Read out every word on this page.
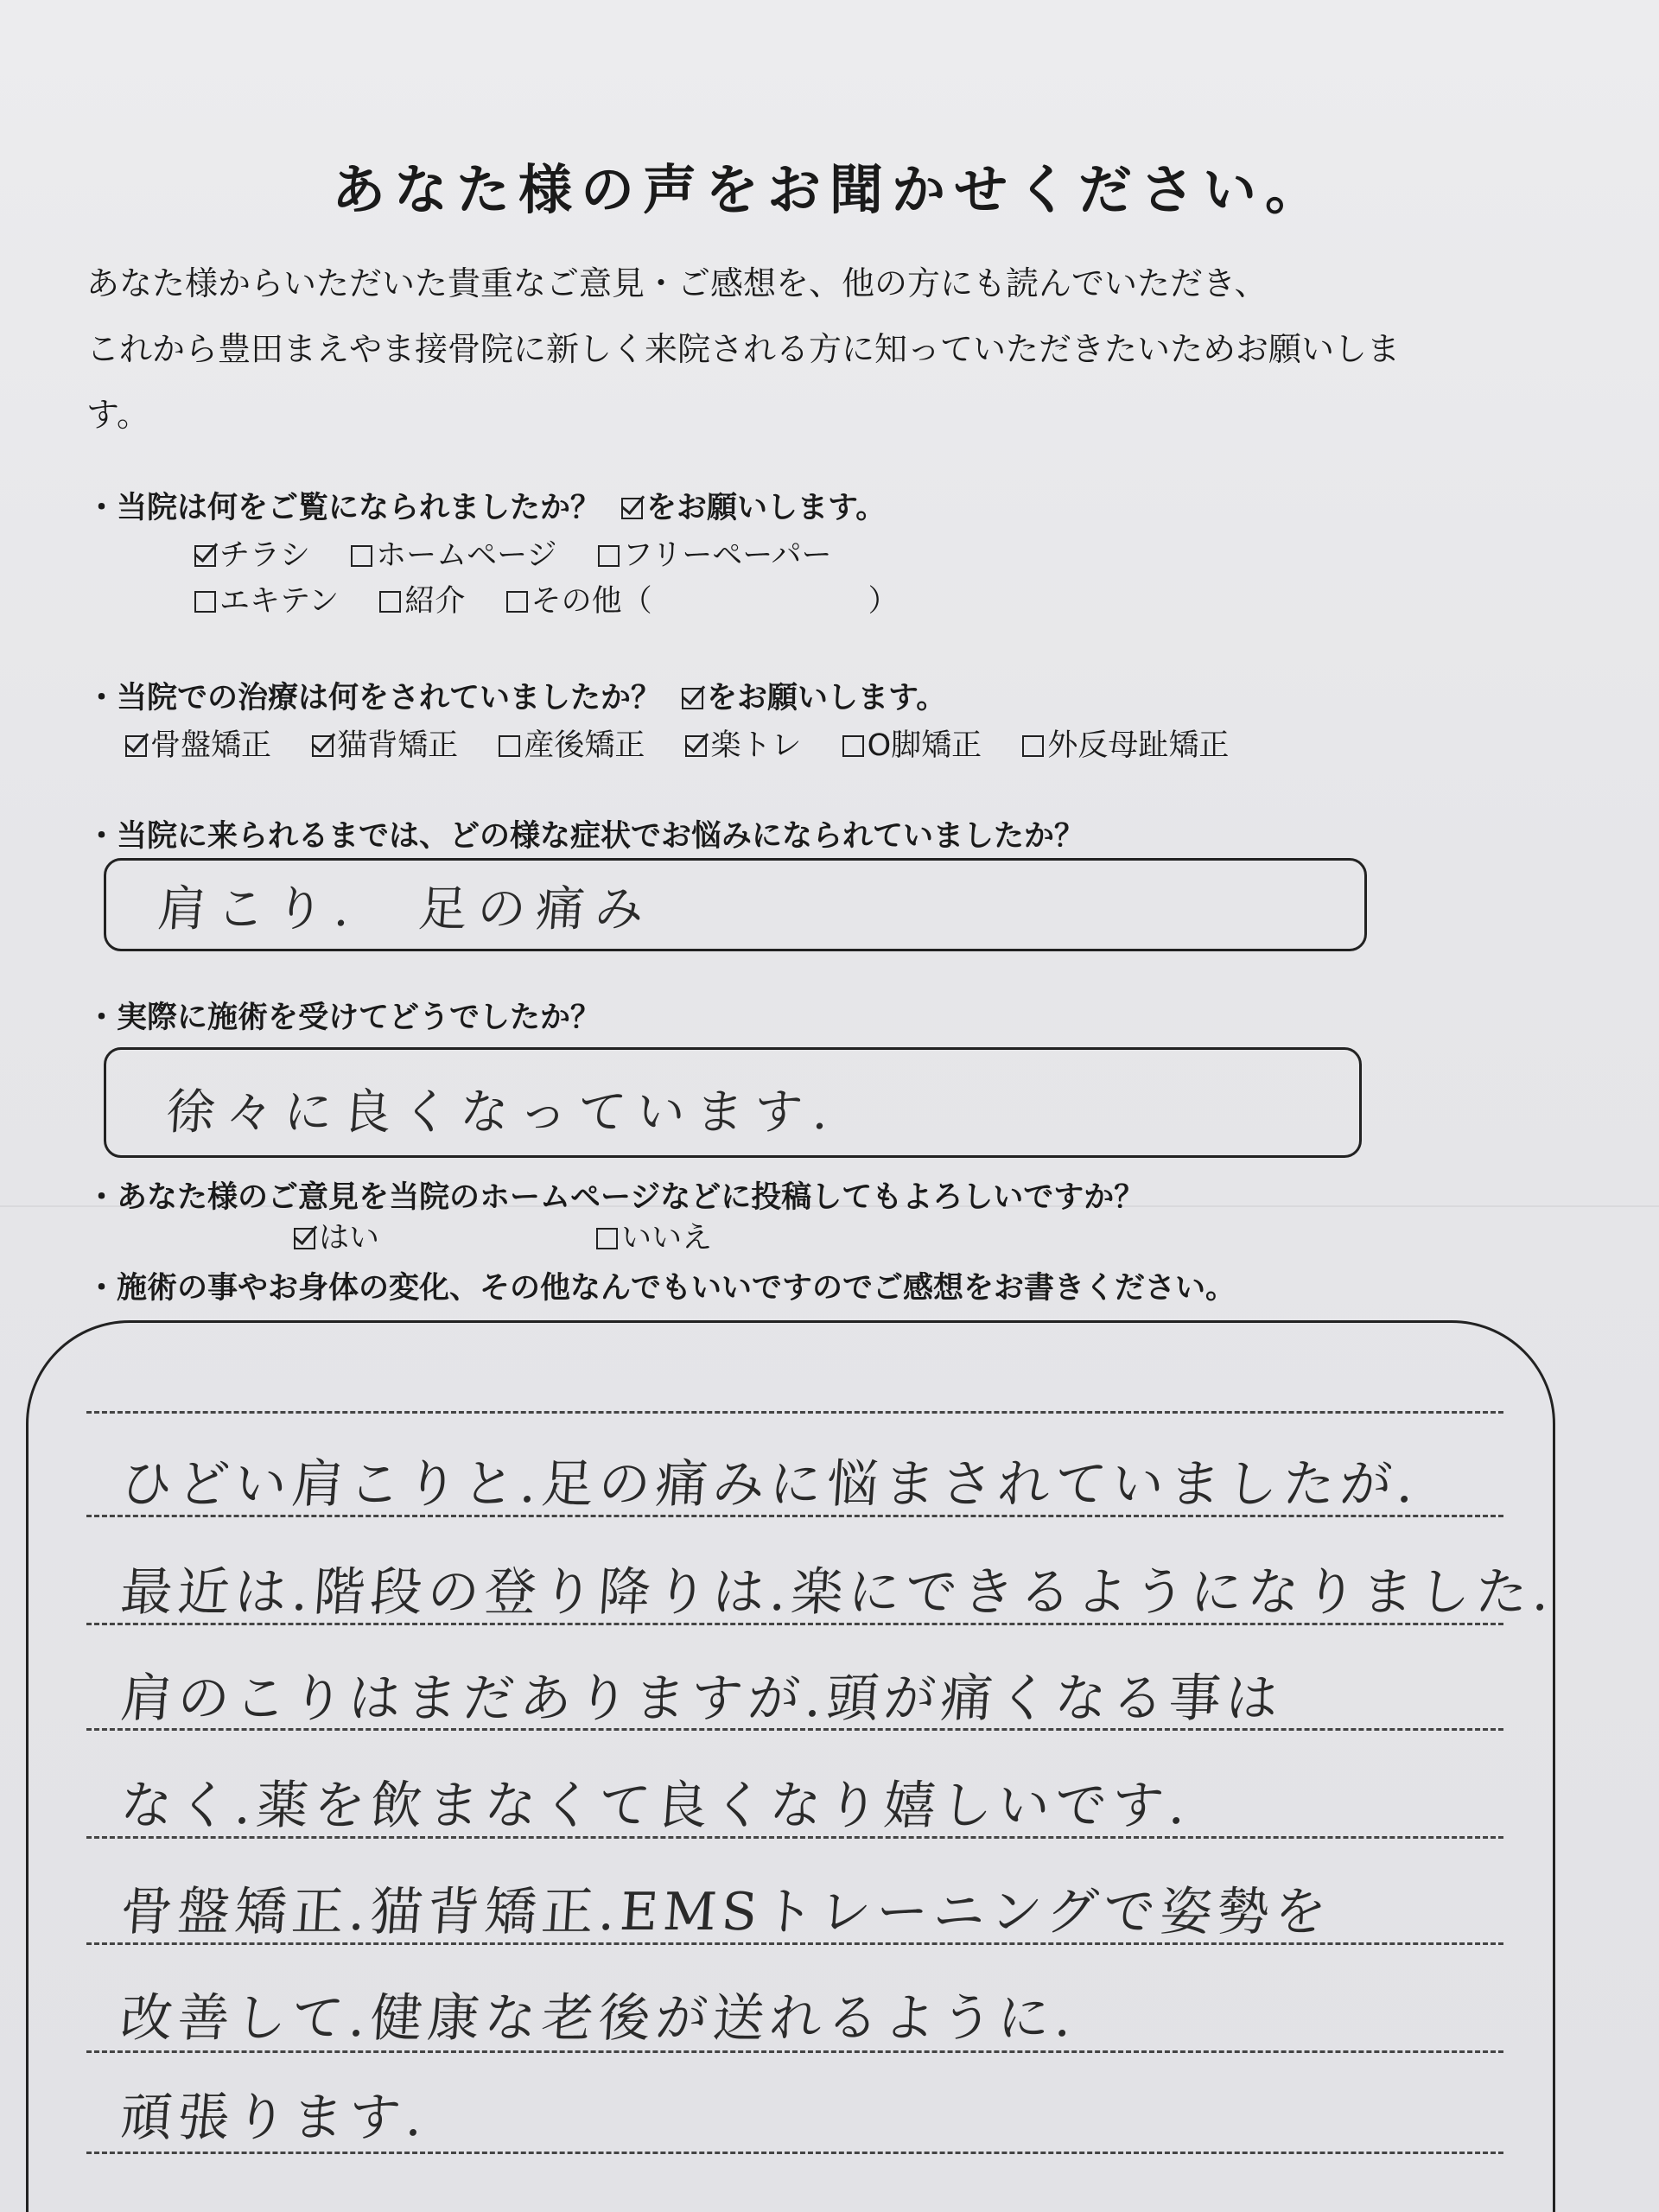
あなた様の声をお聞かせください。

あなた様からいただいた貴重なご意見・ご感想を、他の方にも読んでいただき、

これから豊田まえやま接骨院に新しく来院される方に知っていただきたいためお願いしま

す。

・当院は何をご覧になられましたか？ をお願いします。
チラシ ホームページ フリーペーパー
エキテン 紹介 その他（	）
・当院での治療は何をされていましたか？ をお願いします。
骨盤矯正 猫背矯正 産後矯正 楽トレ O脚矯正 外反母趾矯正
・当院に来られるまでは、どの様な症状でお悩みになられていましたか？
肩こり.　足の痛み
・実際に施術を受けてどうでしたか？
徐々に良くなっています.
・あなた様のご意見を当院のホームページなどに投稿してもよろしいですか？
はい	いいえ
・施術の事やお身体の変化、その他なんでもいいですのでご感想をお書きください。
ひどい肩こりと.足の痛みに悩まされていましたが.
最近は.階段の登り降りは.楽にできるようになりました.
肩のこりはまだありますが.頭が痛くなる事は
なく.薬を飲まなくて良くなり嬉しいです.
骨盤矯正.猫背矯正.EMSトレーニングで姿勢を
改善して.健康な老後が送れるように.
頑張ります.
